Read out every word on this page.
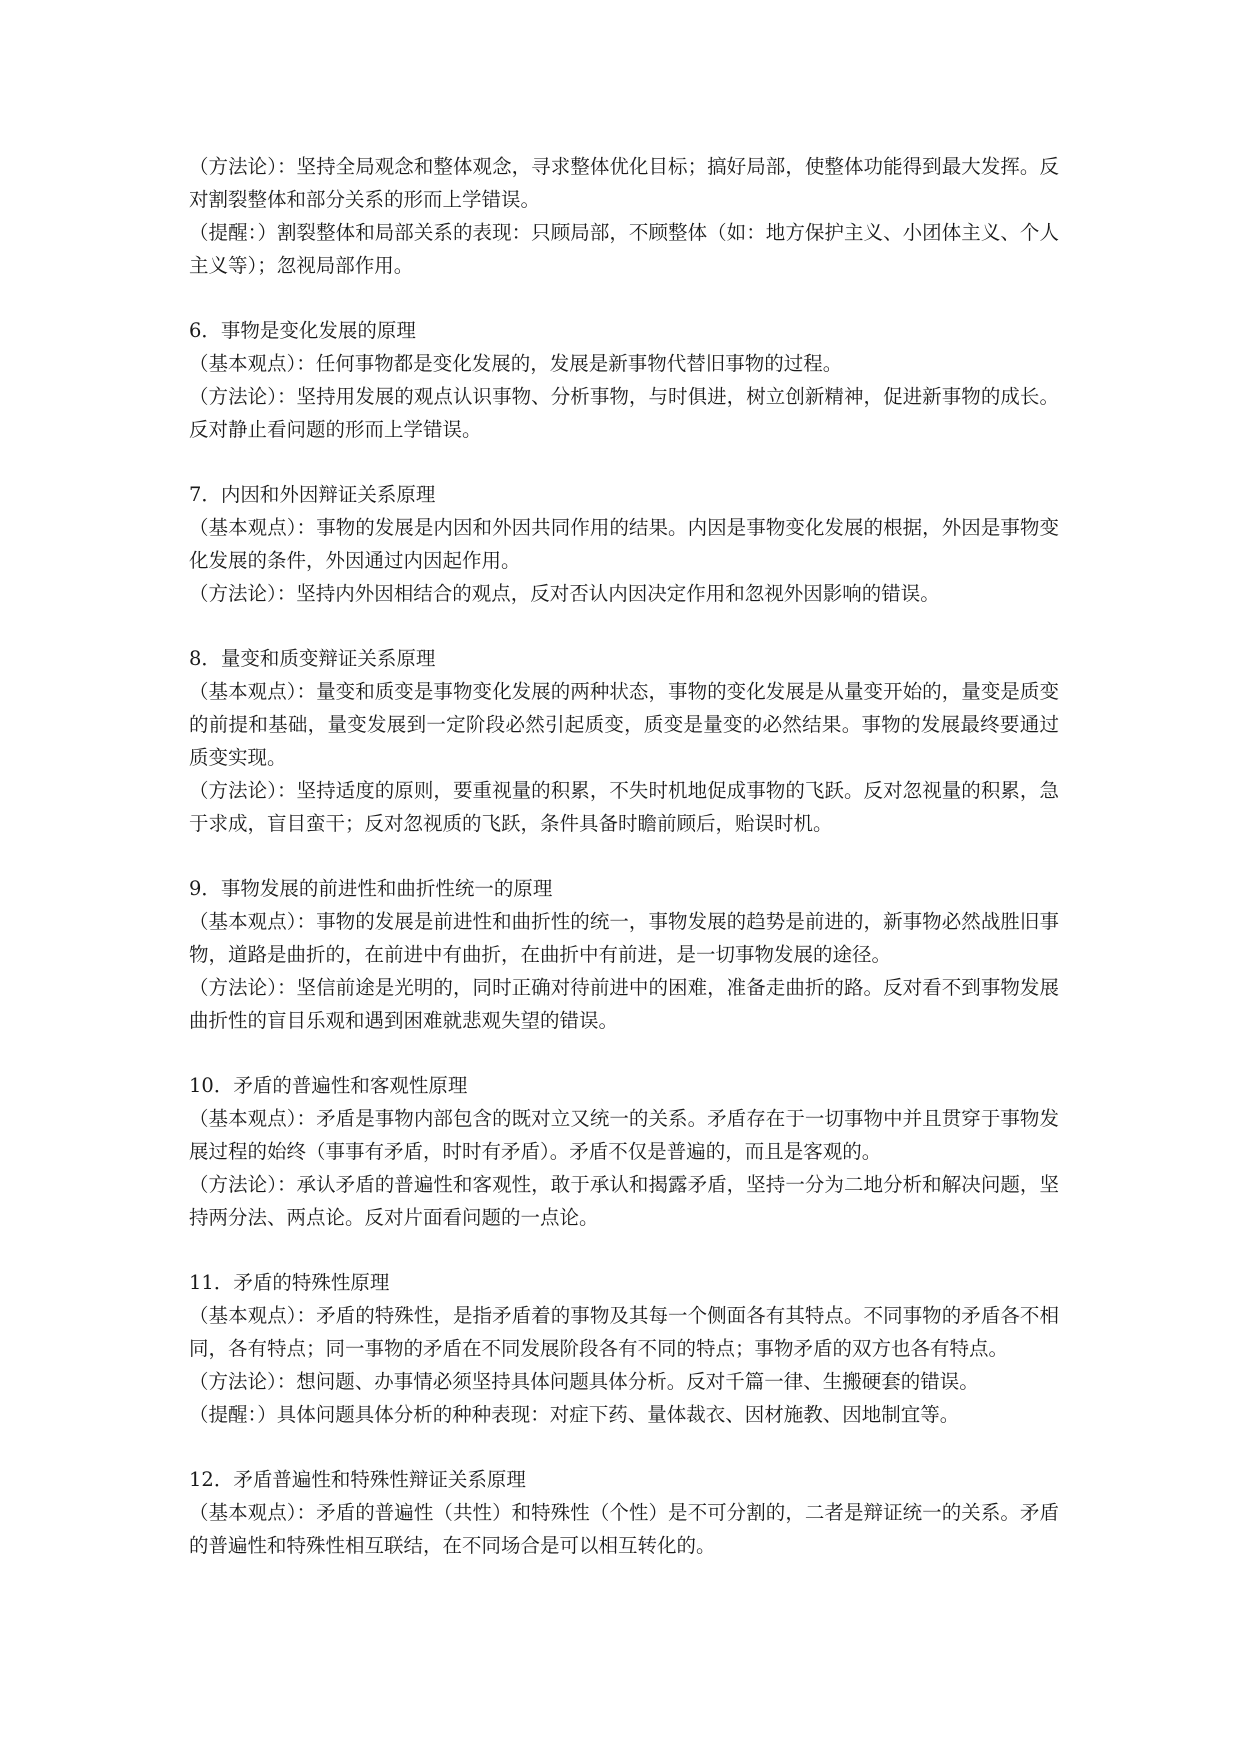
（方法论）：坚持全局观念和整体观念，寻求整体优化目标；搞好局部，使整体功能得到最大发挥。反对割裂整体和部分关系的形而上学错误。

（提醒：）割裂整体和局部关系的表现：只顾局部，不顾整体（如：地方保护主义、小团体主义、个人主义等）；忽视局部作用。

6．事物是变化发展的原理

（基本观点）：任何事物都是变化发展的，发展是新事物代替旧事物的过程。

（方法论）：坚持用发展的观点认识事物、分析事物，与时俱进，树立创新精神，促进新事物的成长。反对静止看问题的形而上学错误。

7．内因和外因辩证关系原理

（基本观点）：事物的发展是内因和外因共同作用的结果。内因是事物变化发展的根据，外因是事物变化发展的条件，外因通过内因起作用。

（方法论）：坚持内外因相结合的观点，反对否认内因决定作用和忽视外因影响的错误。

8．量变和质变辩证关系原理

（基本观点）：量变和质变是事物变化发展的两种状态，事物的变化发展是从量变开始的，量变是质变的前提和基础，量变发展到一定阶段必然引起质变，质变是量变的必然结果。事物的发展最终要通过质变实现。

（方法论）：坚持适度的原则，要重视量的积累，不失时机地促成事物的飞跃。反对忽视量的积累，急于求成，盲目蛮干；反对忽视质的飞跃，条件具备时瞻前顾后，贻误时机。

9．事物发展的前进性和曲折性统一的原理

（基本观点）：事物的发展是前进性和曲折性的统一，事物发展的趋势是前进的，新事物必然战胜旧事物，道路是曲折的，在前进中有曲折，在曲折中有前进，是一切事物发展的途径。

（方法论）：坚信前途是光明的，同时正确对待前进中的困难，准备走曲折的路。反对看不到事物发展曲折性的盲目乐观和遇到困难就悲观失望的错误。

10．矛盾的普遍性和客观性原理

（基本观点）：矛盾是事物内部包含的既对立又统一的关系。矛盾存在于一切事物中并且贯穿于事物发展过程的始终（事事有矛盾，时时有矛盾）。矛盾不仅是普遍的，而且是客观的。

（方法论）：承认矛盾的普遍性和客观性，敢于承认和揭露矛盾，坚持一分为二地分析和解决问题，坚持两分法、两点论。反对片面看问题的一点论。

11．矛盾的特殊性原理

（基本观点）：矛盾的特殊性，是指矛盾着的事物及其每一个侧面各有其特点。不同事物的矛盾各不相同，各有特点；同一事物的矛盾在不同发展阶段各有不同的特点；事物矛盾的双方也各有特点。

（方法论）：想问题、办事情必须坚持具体问题具体分析。反对千篇一律、生搬硬套的错误。

（提醒：）具体问题具体分析的种种表现：对症下药、量体裁衣、因材施教、因地制宜等。

12．矛盾普遍性和特殊性辩证关系原理

（基本观点）：矛盾的普遍性（共性）和特殊性（个性）是不可分割的，二者是辩证统一的关系。矛盾的普遍性和特殊性相互联结，在不同场合是可以相互转化的。
